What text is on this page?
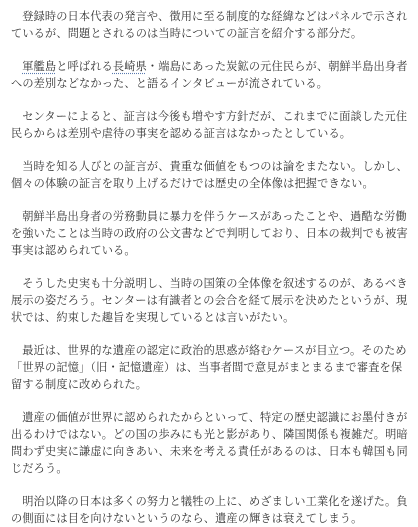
登録時の日本代表の発言や、徴用に至る制度的な経緯などはパネルで示されているが、問題とされるのは当時についての証言を紹介する部分だ。

軍艦島と呼ばれる長崎県・端島にあった炭鉱の元住民らが、朝鮮半島出身者への差別などなかった、と語るインタビューが流されている。

センターによると、証言は今後も増やす方針だが、これまでに面談した元住民らからは差別や虐待の事実を認める証言はなかったとしている。

当時を知る人びとの証言が、貴重な価値をもつのは論をまたない。しかし、個々の体験の証言を取り上げるだけでは歴史の全体像は把握できない。

朝鮮半島出身者の労務動員に暴力を伴うケースがあったことや、過酷な労働を強いたことは当時の政府の公文書などで判明しており、日本の裁判でも被害事実は認められている。

そうした史実も十分説明し、当時の国策の全体像を叙述するのが、あるべき展示の姿だろう。センターは有識者との会合を経て展示を決めたというが、現状では、約束した趣旨を実現しているとは言いがたい。

最近は、世界的な遺産の認定に政治的思惑が絡むケースが目立つ。そのため「世界の記憶」（旧・記憶遺産）は、当事者間で意見がまとまるまで審査を保留する制度に改められた。

遺産の価値が世界に認められたからといって、特定の歴史認識にお墨付きが出るわけではない。どの国の歩みにも光と影があり、隣国関係も複雑だ。明暗問わず史実に謙虚に向きあい、未来を考える責任があるのは、日本も韓国も同じだろう。

明治以降の日本は多くの努力と犠牲の上に、めざましい工業化を遂げた。負の側面には目を向けないというのなら、遺産の輝きは衰えてしまう。
